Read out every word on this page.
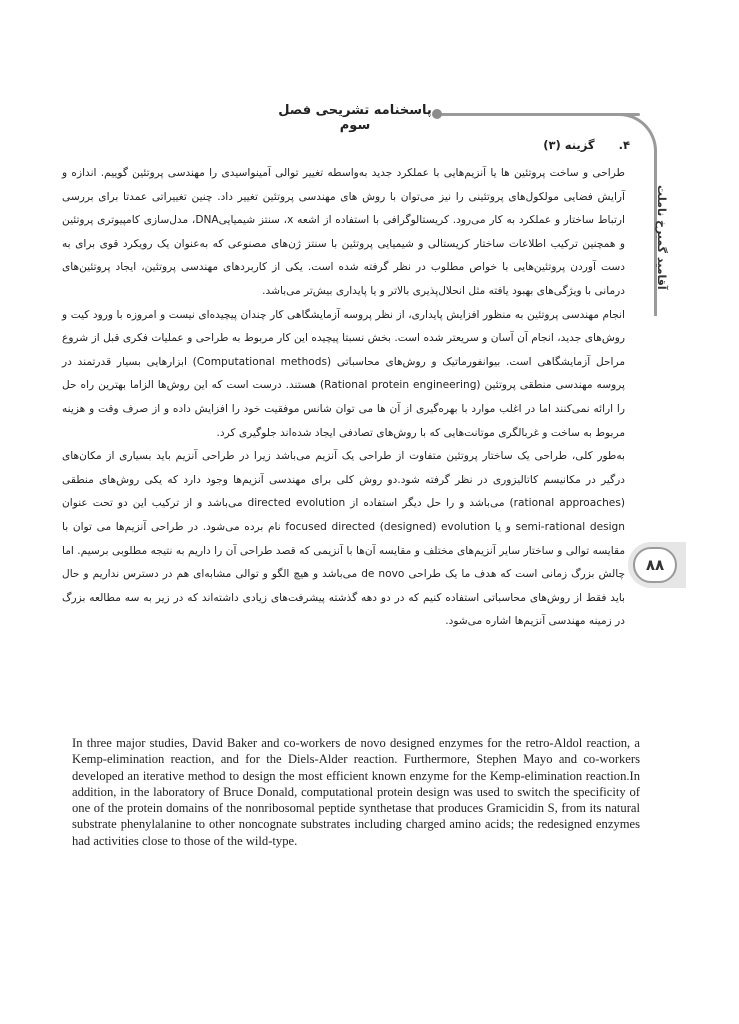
پاسخنامه تشریحی فصل سوم
آقامید گمبرخ ناملت
۸۸
۴. گزینه (۳)

طراحی و ساخت پروتئین ها یا آنزیم‌هایی با عملکرد جدید به‌واسطه تغییر توالی آمینواسیدی را مهندسی پروتئین گوییم. اندازه و آرایش فضایی مولکول‌های پروتئینی را نیز می‌توان با روش های مهندسی پروتئین تغییر داد. چنین تغییراتی عمدتا برای بررسی ارتباط ساختار و عملکرد به کار می‌رود. کریستالوگرافی با استفاده از اشعه x، سنتز شیمیاییDNA، مدل‌سازی کامپیوتری پروتئین و همچنین ترکیب اطلاعات ساختار کریستالی و شیمیایی پروتئین با سنتز ژن‌های مصنوعی که به‌عنوان یک رویکرد قوی برای به دست آوردن پروتئین‌هایی با خواص مطلوب در نظر گرفته شده است. یکی از کاربردهای مهندسی پروتئین، ایجاد پروتئین‌های درمانی با ویژگی‌های بهبود یافته مثل انحلال‌پذیری بالاتر و یا پایداری بیش‌تر می‌باشد.

انجام مهندسی پروتئین به منظور افزایش پایداری، از نظر پروسه آزمایشگاهی کار چندان پیچیده‌ای نیست و امروزه با ورود کیت و روش‌های جدید، انجام آن آسان و سریعتر شده است. بخش نسبتا پیچیده این کار مربوط به طراحی و عملیات فکری قبل از شروع مراحل آزمایشگاهی است. بیوانفورماتیک و روش‌های محاسباتی (Computational methods) ابزارهایی بسیار قدرتمند در پروسه مهندسی منطقی پروتئین (Rational protein engineering) هستند. درست است که این روش‌ها الزاما بهترین راه حل را ارائه نمی‌کنند اما در اغلب موارد با بهره‌گیری از آن ها می توان شانس موفقیت خود را افزایش داده و از صرف وقت و هزینه مربوط به ساخت و غربالگری موتانت‌هایی که با روش‌های تصادفی ایجاد شده‌اند جلوگیری کرد.

به‌طور کلی، طراحی یک ساختار پروتئین متفاوت از طراحی یک آنزیم می‌باشد زیرا در طراحی آنزیم باید بسیاری از مکان‌های درگیر در مکانیسم کاتالیزوری در نظر گرفته شود.دو روش کلی برای مهندسی آنزیم‌ها وجود دارد که یکی روش‌های منطقی (rational approaches) می‌باشد و را حل دیگر استفاده از directed evolution می‌باشد و از ترکیب این دو تحت عنوان semi-rational design و یا focused directed (designed) evolution نام برده می‌شود. در طراحی آنزیم‌ها می توان با مقایسه توالی و ساختار سایر آنزیم‌های مختلف و مقایسه آن‌ها با آنزیمی که قصد طراحی آن را داریم به نتیجه مطلوبی برسیم. اما چالش بزرگ زمانی است که هدف ما یک طراحی de novo می‌باشد و هیچ الگو و توالی مشابه‌ای هم در دسترس نداریم و حال باید فقط از روش‌های محاسباتی استفاده کنیم که در دو دهه گذشته پیشرفت‌های زیادی داشته‌اند که در زیر به سه مطالعه بزرگ در زمینه مهندسی آنزیم‌ها اشاره می‌شود.

In three major studies, David Baker and co-workers de novo designed enzymes for the retro-Aldol reaction, a Kemp-elimination reaction, and for the Diels-Alder reaction. Furthermore, Stephen Mayo and co-workers developed an iterative method to design the most efficient known enzyme for the Kemp-elimination reaction.In addition, in the laboratory of Bruce Donald, computational protein design was used to switch the specificity of one of the protein domains of the nonribosomal peptide synthetase that produces Gramicidin S, from its natural substrate phenylalanine to other noncognate substrates including charged amino acids; the redesigned enzymes had activities close to those of the wild-type.
